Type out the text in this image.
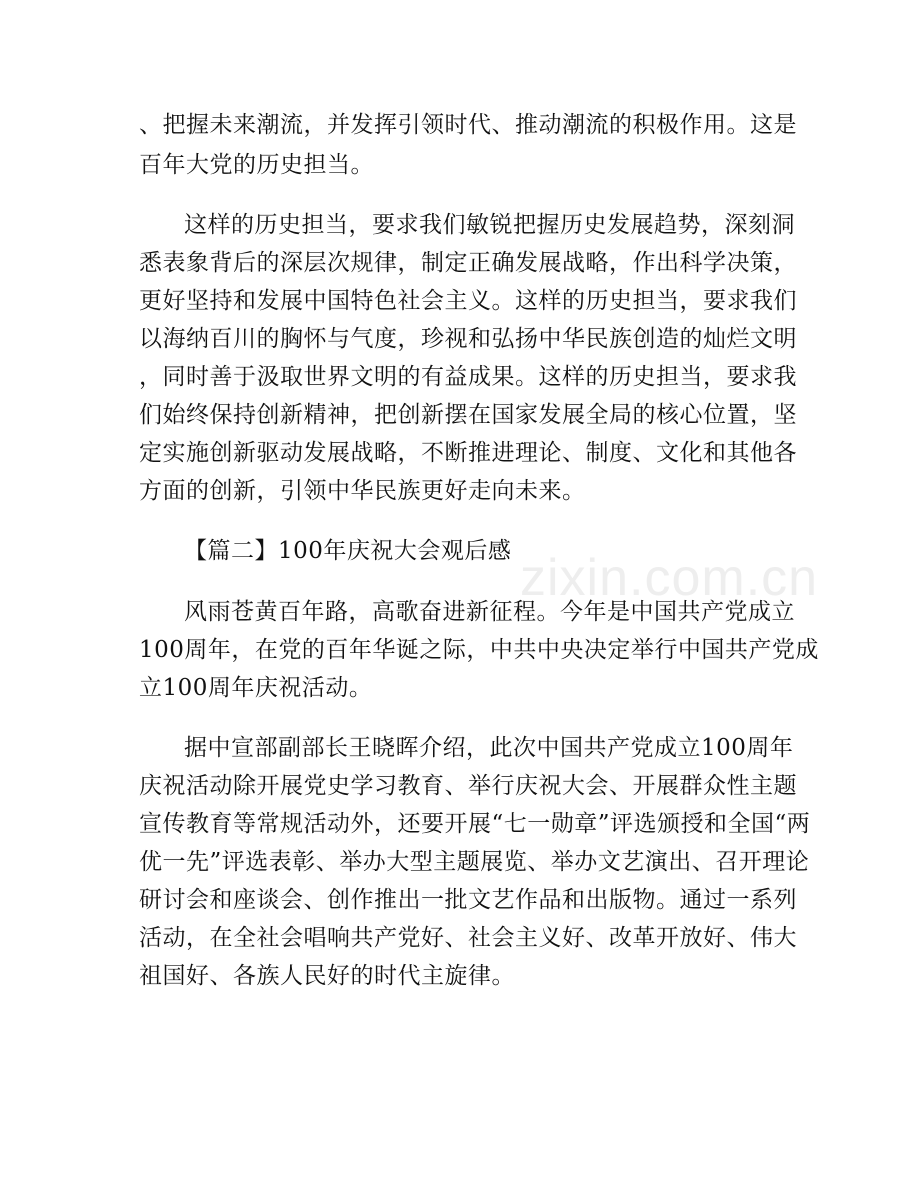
zixin.com.cn
、把握未来潮流，并发挥引领时代、推动潮流的积极作用。这是
百年大党的历史担当。
这样的历史担当，要求我们敏锐把握历史发展趋势，深刻洞
悉表象背后的深层次规律，制定正确发展战略，作出科学决策，
更好坚持和发展中国特色社会主义。这样的历史担当，要求我们
以海纳百川的胸怀与气度，珍视和弘扬中华民族创造的灿烂文明
，同时善于汲取世界文明的有益成果。这样的历史担当，要求我
们始终保持创新精神，把创新摆在国家发展全局的核心位置，坚
定实施创新驱动发展战略，不断推进理论、制度、文化和其他各
方面的创新，引领中华民族更好走向未来。
【篇二】100年庆祝大会观后感
风雨苍黄百年路，高歌奋进新征程。今年是中国共产党成立
100周年，在党的百年华诞之际，中共中央决定举行中国共产党成
立100周年庆祝活动。
据中宣部副部长王晓晖介绍，此次中国共产党成立100周年
庆祝活动除开展党史学习教育、举行庆祝大会、开展群众性主题
宣传教育等常规活动外，还要开展“七一勋章”评选颁授和全国“两
优一先”评选表彰、举办大型主题展览、举办文艺演出、召开理论
研讨会和座谈会、创作推出一批文艺作品和出版物。通过一系列
活动，在全社会唱响共产党好、社会主义好、改革开放好、伟大
祖国好、各族人民好的时代主旋律。
